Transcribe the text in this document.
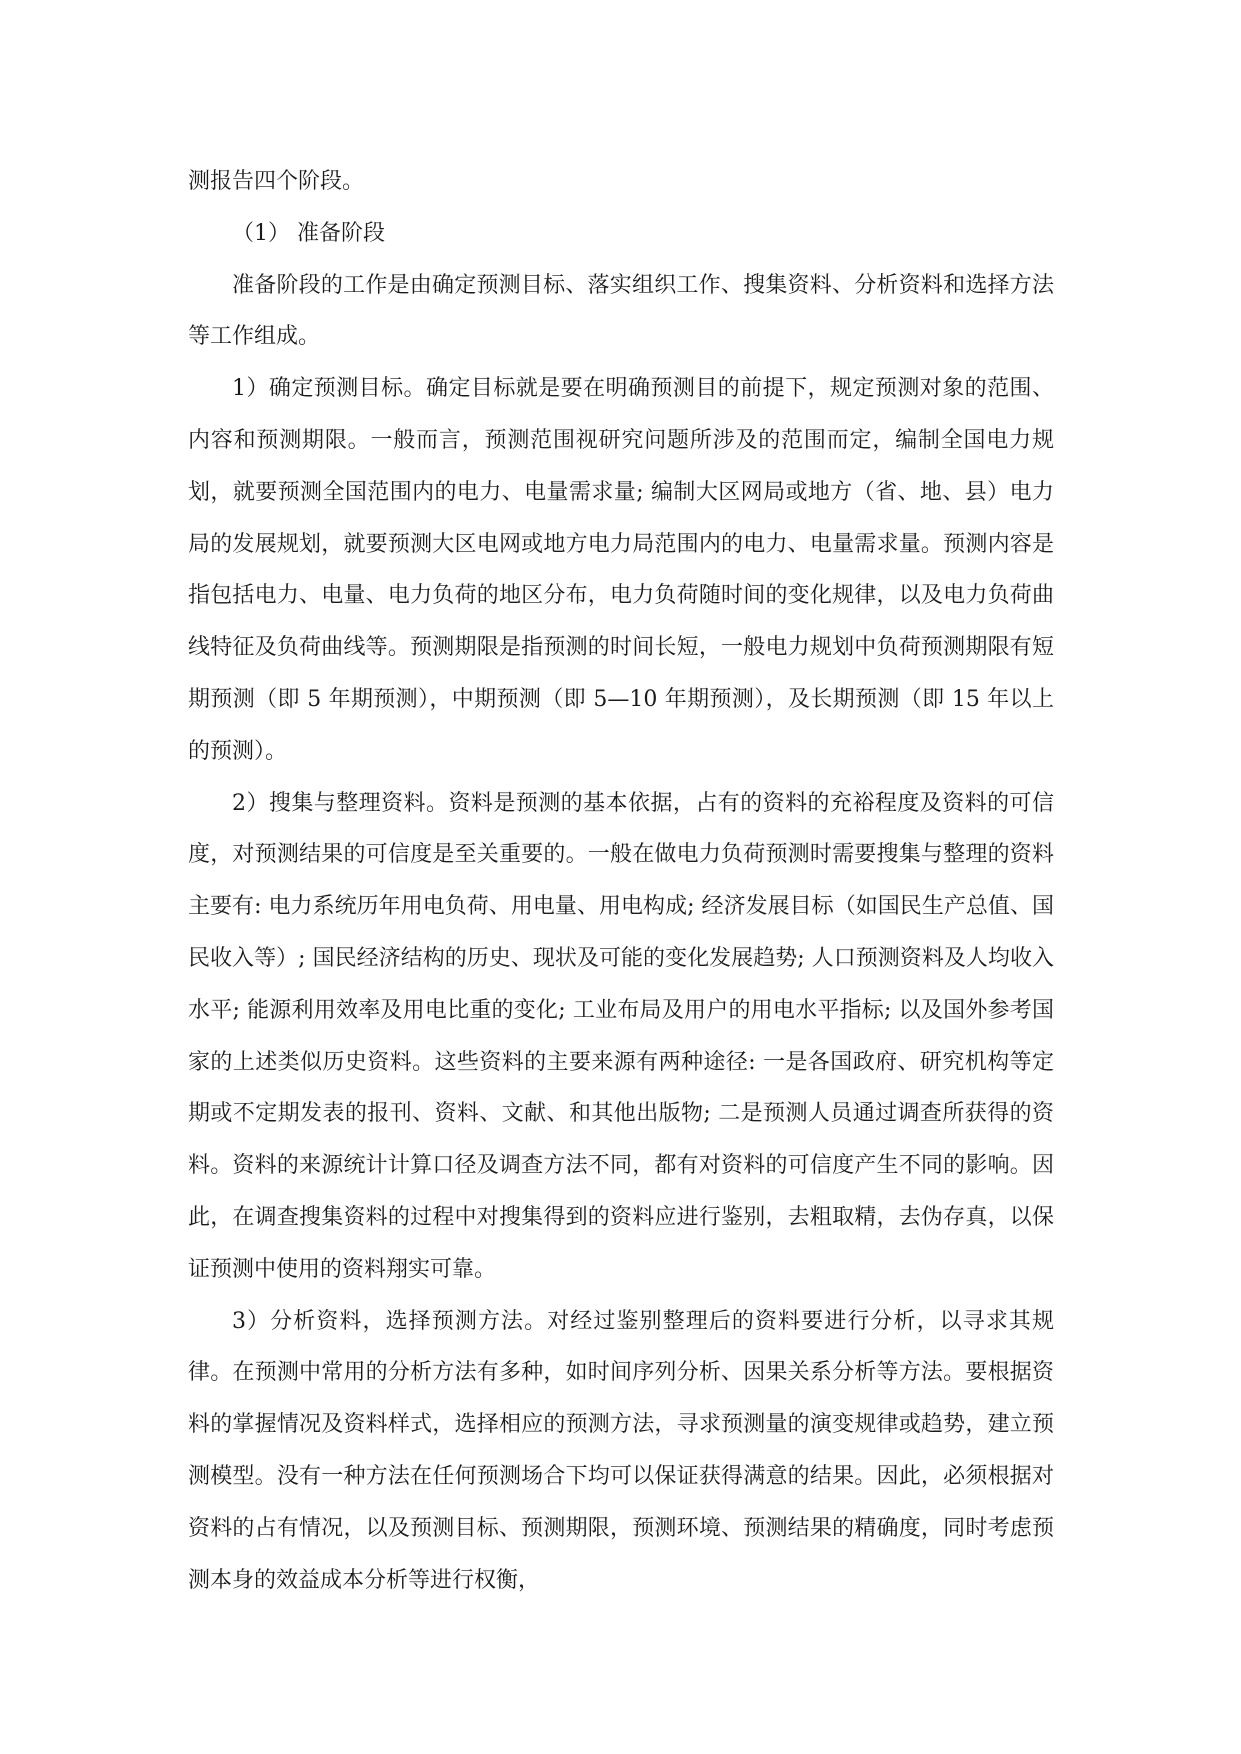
测报告四个阶段。

（1） 准备阶段

准备阶段的工作是由确定预测目标、落实组织工作、搜集资料、分析资料和选择方法等工作组成。

1）确定预测目标。确定目标就是要在明确预测目的前提下，规定预测对象的范围、内容和预测期限。一般而言，预测范围视研究问题所涉及的范围而定，编制全国电力规划，就要预测全国范围内的电力、电量需求量; 编制大区网局或地方（省、地、县）电力局的发展规划，就要预测大区电网或地方电力局范围内的电力、电量需求量。预测内容是指包括电力、电量、电力负荷的地区分布，电力负荷随时间的变化规律，以及电力负荷曲线特征及负荷曲线等。预测期限是指预测的时间长短，一般电力规划中负荷预测期限有短期预测（即 5 年期预测），中期预测（即 5—10 年期预测），及长期预测（即 15 年以上的预测）。

2）搜集与整理资料。资料是预测的基本依据，占有的资料的充裕程度及资料的可信度，对预测结果的可信度是至关重要的。一般在做电力负荷预测时需要搜集与整理的资料主要有: 电力系统历年用电负荷、用电量、用电构成; 经济发展目标（如国民生产总值、国民收入等）; 国民经济结构的历史、现状及可能的变化发展趋势; 人口预测资料及人均收入水平; 能源利用效率及用电比重的变化; 工业布局及用户的用电水平指标; 以及国外参考国家的上述类似历史资料。这些资料的主要来源有两种途径: 一是各国政府、研究机构等定期或不定期发表的报刊、资料、文献、和其他出版物; 二是预测人员通过调查所获得的资料。资料的来源统计计算口径及调查方法不同，都有对资料的可信度产生不同的影响。因此，在调查搜集资料的过程中对搜集得到的资料应进行鉴别，去粗取精，去伪存真，以保证预测中使用的资料翔实可靠。

3）分析资料，选择预测方法。对经过鉴别整理后的资料要进行分析，以寻求其规律。在预测中常用的分析方法有多种，如时间序列分析、因果关系分析等方法。要根据资料的掌握情况及资料样式，选择相应的预测方法，寻求预测量的演变规律或趋势，建立预测模型。没有一种方法在任何预测场合下均可以保证获得满意的结果。因此，必须根据对资料的占有情况，以及预测目标、预测期限，预测环境、预测结果的精确度，同时考虑预测本身的效益成本分析等进行权衡，
